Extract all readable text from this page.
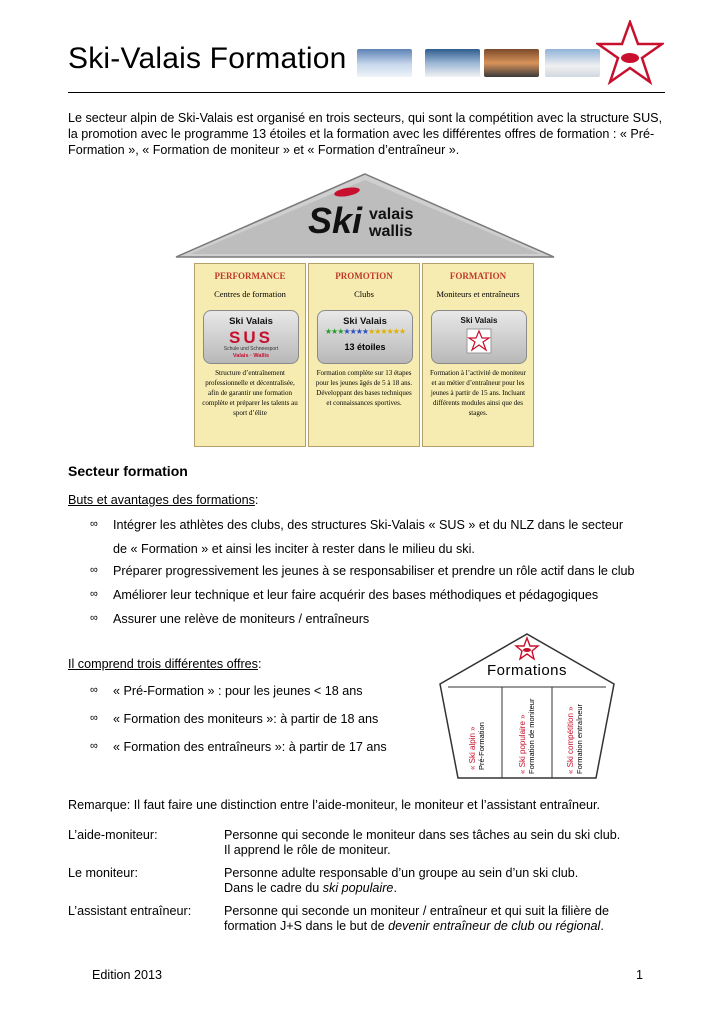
Ski-Valais Formation
Le secteur alpin de Ski-Valais est organisé en trois secteurs, qui sont la compétition avec la structure SUS, la promotion avec le programme 13 étoiles et la formation avec les différentes offres de formation : « Pré-Formation », « Formation de moniteur » et « Formation d’entraîneur ».
Ski valais
wallis
PERFORMANCE
Centres de formation
Ski Valais
SUS
Schule und Schneesport
Valais · Wallis
Structure d’entraînement professionnelle et décentralisée, afin de garantir une formation complète et préparer les talents au sport d’élite
PROMOTION
Clubs
Ski Valais
★★★★★★★★★★★★★
13 étoiles
Formation complète sur 13 étapes pour les jeunes âgés de 5 à 18 ans. Développant des bases techniques et connaissances sportives.
FORMATION
Moniteurs et entraîneurs
Ski Valais
Formation à l’activité de moniteur et au métier d’entraîneur pour les jeunes à partir de 15 ans. Incluant différents modules ainsi que des stages.
Secteur formation
Buts et avantages des formations:
∞ Intégrer les athlètes des clubs, des structures Ski-Valais « SUS » et du NLZ dans le secteur
de « Formation » et ainsi les inciter à rester dans le milieu du ski.
∞ Préparer progressivement les jeunes à se responsabiliser et prendre un rôle actif dans le club
∞ Améliorer leur technique et leur faire acquérir des bases méthodiques et pédagogiques
∞ Assurer une relève de moniteurs / entraîneurs
Il comprend trois différentes offres:
∞ « Pré-Formation » : pour les jeunes < 18 ans
∞ « Formation des moniteurs »: à partir de 18 ans
∞ « Formation des entraîneurs »: à partir de 17 ans
Formations
« Ski alpin » Pré-Formation	« Ski populaire » Formation de moniteur	« Ski compétition » Formation entraîneur
Remarque: Il faut faire une distinction entre l’aide-moniteur, le moniteur et l’assistant entraîneur.
L’aide-moniteur:	Personne qui seconde le moniteur dans ses tâches au sein du ski club.
Il apprend le rôle de moniteur.
Le moniteur:	Personne adulte responsable d’un groupe au sein d’un ski club.
Dans le cadre du ski populaire.
L’assistant entraîneur:	Personne qui seconde un moniteur / entraîneur et qui suit la filière de
formation J+S dans le but de devenir entraîneur de club ou régional.
Edition 2013	1
